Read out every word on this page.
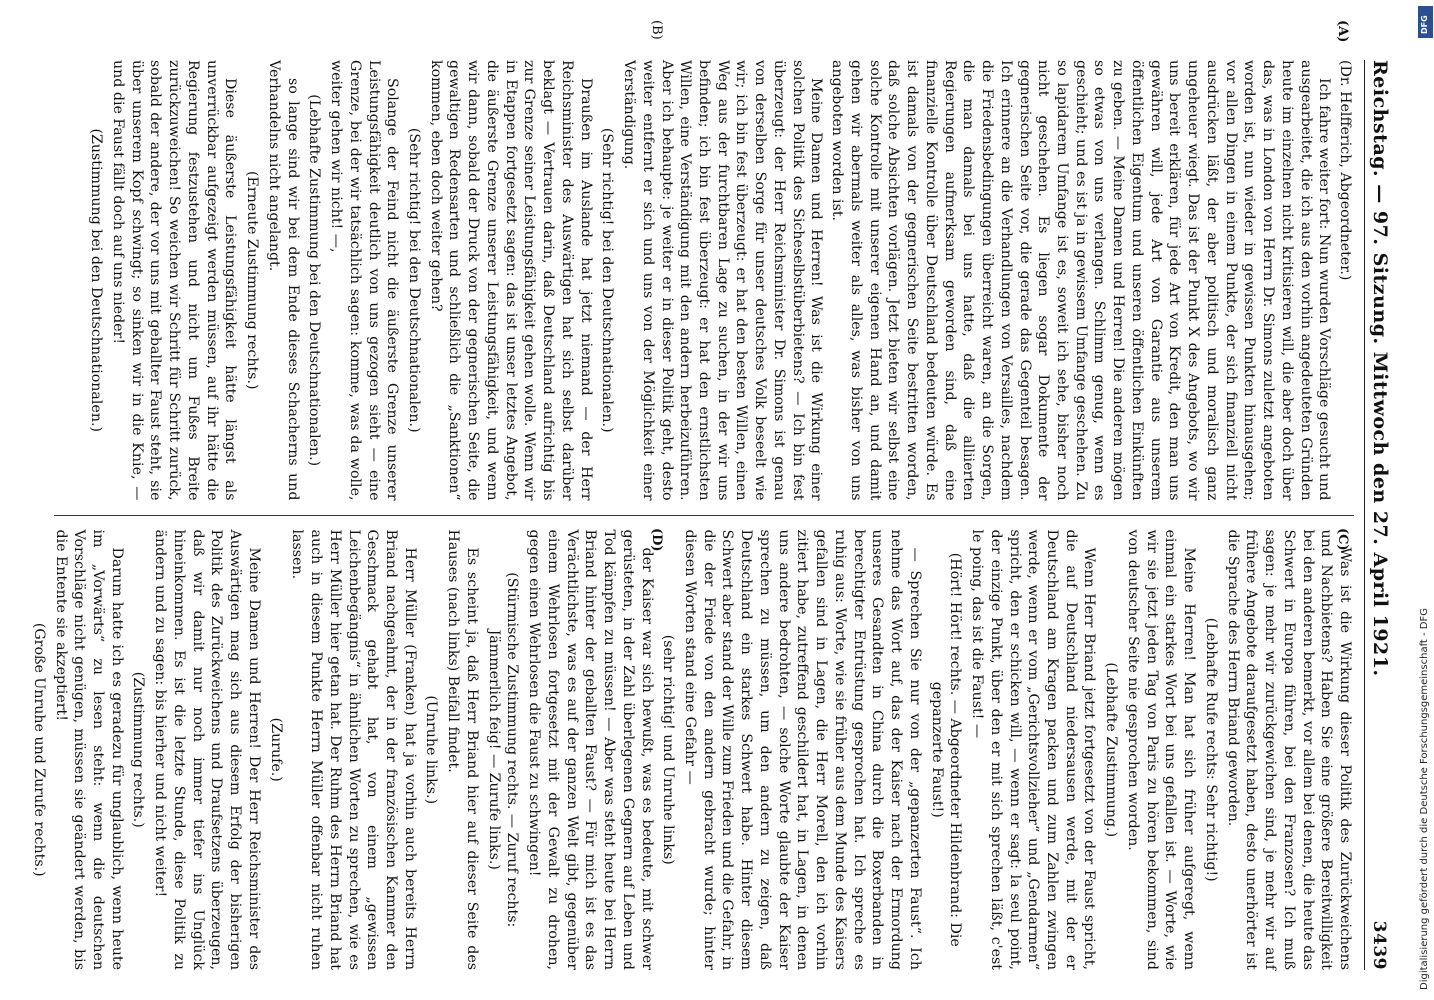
Reichstag. — 97. Sitzung. Mittwoch den 27. April 1921.
3439
(A)
(B)
(C)
(D)

(Dr. Helfferich, Abgeordneter.)

Ich fahre weiter fort: Nun wurden Vorschläge gesucht und ausgearbeitet, die ich aus den vorhin angedeuteten Gründen heute im einzelnen nicht kritisieren will, die aber doch über das, was in London von Herrn Dr. Simons zuletzt angeboten worden ist, nun wieder in gewissen Punkten hinausgehen; vor allen Dingen in einem Punkte, der sich finanziell nicht ausdrücken läßt, der aber politisch und moralisch ganz ungeheuer wiegt. Das ist der Punkt X des Angebots, wo wir uns bereit erklären, für jede Art von Kredit, den man uns gewähren will, jede Art von Garantie aus unserem öffentlichen Eigentum und unseren öffentlichen Einkünften zu geben. — Meine Damen und Herren! Die anderen mögen so etwas von uns verlangen. Schlimm genug, wenn es geschieht; und es ist ja in gewissem Umfange geschehen. Zu so lapidarem Umfange ist es, soweit ich sehe, bisher noch nicht geschehen. Es liegen sogar Dokumente der gegnerischen Seite vor, die gerade das Gegenteil besagen. Ich erinnere an die Verhandlungen von Versailles, nachdem die Friedensbedingungen überreicht waren, an die Sorgen, die man damals bei uns hatte, daß die alliierten Regierungen aufmerksam geworden sind, daß eine finanzielle Kontrolle über Deutschland bedeuten würde. Es ist damals von der gegnerischen Seite bestritten worden, daß solche Absichten vorlägen. Jetzt bieten wir selbst eine solche Kontrolle mit unserer eigenen Hand an, und damit gehen wir abermals weiter als alles, was bisher von uns angeboten worden ist.

Meine Damen und Herren! Was ist die Wirkung einer solchen Politik des Sicheselbstüberbietens? — Ich bin fest überzeugt: der Herr Reichsminister Dr. Simons ist genau von derselben Sorge für unser deutsches Volk beseelt wie wir; ich bin fest überzeugt: er hat den besten Willen, einen Weg aus der furchtbaren Lage zu suchen, in der wir uns befinden; ich bin fest überzeugt: er hat den ernstlichsten Willen, eine Verständigung mit den andern herbeizuführen. Aber ich behaupte: je weiter er in dieser Politik geht, desto weiter entfernt er sich und uns von der Möglichkeit einer Verständigung.

(Sehr richtig! bei den Deutschnationalen.)

Draußen im Auslande hat jetzt niemand — der Herr Reichsminister des Auswärtigen hat sich selbst darüber beklagt — Vertrauen darin, daß Deutschland aufrichtig bis zur Grenze seiner Leistungsfähigkeit gehen wolle. Wenn wir in Etappen fortgesetzt sagen: das ist unser letztes Angebot, die äußerste Grenze unserer Leistungsfähigkeit, und wenn wir dann, sobald der Druck von der gegnerischen Seite, die gewaltigen Redensarten und schließlich die „Sanktionen“ kommen, eben doch weiter gehen?

(Sehr richtig! bei den Deutschnationalen.)

Solange der Feind nicht die äußerste Grenze unserer Leistungsfähigkeit deutlich von uns gezogen sieht — eine Grenze, bei der wir tatsächlich sagen: komme, was da wolle, weiter gehen wir nicht! —,

(Lebhafte Zustimmung bei den Deutschnationalen.)

so lange sind wir bei dem Ende dieses Schacherns und Verhandelns nicht angelangt.

(Erneute Zustimmung rechts.)

Diese äußerste Leistungsfähigkeit hätte längst als unverrückbar aufgezeigt werden müssen, auf ihr hätte die Regierung festzustehen und nicht um Fußes Breite zurückzuweichen! So weichen wir Schritt für Schritt zurück, sobald der andere, der vor uns mit geballter Faust steht, sie über unserem Kopf schwingt; so sinken wir in die Knie, — und die Faust fällt doch auf uns nieder!

(Zustimmung bei den Deutschnationalen.)

Was ist die Wirkung dieser Politik des Zurückweichens und Nachbietens? Haben Sie eine größere Bereitwilligkeit bei den anderen bemerkt, vor allem bei denen, die heute das Schwert in Europa führen, bei den Franzosen? Ich muß sagen: je mehr wir zurückgewichen sind, je mehr wir auf frühere Angebote daraufgesetzt haben, desto unerhörter ist die Sprache des Herrn Briand geworden.

(Lebhafte Rufe rechts: Sehr richtig!)

Meine Herren! Man hat sich früher aufgeregt, wenn einmal ein starkes Wort bei uns gefallen ist. — Worte, wie wir sie jetzt jeden Tag von Paris zu hören bekommen, sind von deutscher Seite nie gesprochen worden.

(Lebhafte Zustimmung.)

Wenn Herr Briand jetzt fortgesetzt von der Faust spricht, die auf Deutschland niedersausen werde, mit der er Deutschland am Kragen packen und zum Zahlen zwingen werde, wenn er vom „Gerichtsvollzieher“ und „Gendarmen“ spricht, den er schicken will, — wenn er sagt: la seul point, der einzige Punkt, über den er mit sich sprechen läßt, c'est le poing, das ist die Faust! —

(Hört! Hört! rechts. — Abgeordneter Hildenbrand: Die gepanzerte Faust!)

— Sprechen Sie nur von der „gepanzerten Faust“. Ich nehme das Wort auf, das der Kaiser nach der Ermordung unseres Gesandten in China durch die Boxerbanden in berechtigter Entrüstung gesprochen hat. Ich spreche es ruhig aus: Worte, wie sie früher aus dem Munde des Kaisers gefallen sind in Lagen, die Herr Morell, den ich vorhin zitiert habe, zutreffend geschildert hat, in Lagen, in denen uns andere bedrohten, — solche Worte glaubte der Kaiser sprechen zu müssen, um den andern zu zeigen, daß Deutschland ein starkes Schwert habe. Hinter diesem Schwert aber stand der Wille zum Frieden und die Gefahr, in die der Friede von den andern gebracht wurde; hinter diesen Worten stand eine Gefahr —

(sehr richtig! und Unruhe links)

der Kaiser war sich bewußt, was es bedeute, mit schwer gerüsteten, in der Zahl überlegenen Gegnern auf Leben und Tod kämpfen zu müssen! — Aber was steht heute bei Herrn Briand hinter der geballten Faust? — Für mich ist es das Verächtlichste, was es auf der ganzen Welt gibt, gegenüber einem Wehrlosen fortgesetzt mit der Gewalt zu drohen, gegen einen Wehrlosen die Faust zu schwingen!

(Stürmische Zustimmung rechts. — Zuruf rechts: Jämmerlich feig! — Zurufe links.)

Es scheint ja, daß Herr Briand hier auf dieser Seite des Hauses (nach links) Beifall findet.

(Unruhe links.)

Herr Müller (Franken) hat ja vorhin auch bereits Herrn Briand nachgeahmt, der in der französischen Kammer den Geschmack gehabt hat, von einem „gewissen Leichenbegängnis“ in ähnlichen Worten zu sprechen, wie es Herr Müller hier getan hat. Der Ruhm des Herrn Briand hat auch in diesem Punkte Herrn Müller offenbar nicht ruhen lassen.

(Zurufe.)

Meine Damen und Herren! Der Herr Reichsminister des Auswärtigen mag sich aus diesem Erfolg der bisherigen Politik des Zurückweichens und Draufsetzens überzeugen, daß wir damit nur noch immer tiefer ins Unglück hineinkommen. Es ist die letzte Stunde, diese Politik zu ändern und zu sagen: bis hierher und nicht weiter!

(Zustimmung rechts.)

Darum hatte ich es geradezu für unglaublich, wenn heute im „Vorwärts“ zu lesen steht: wenn die deutschen Vorschläge nicht genügen, müssen sie geändert werden, bis die Entente sie akzeptiert!

(Große Unruhe und Zurufe rechts.)

DFG
Digitalisierung gefördert durch die Deutsche Forschungsgemeinschaft - DFG
